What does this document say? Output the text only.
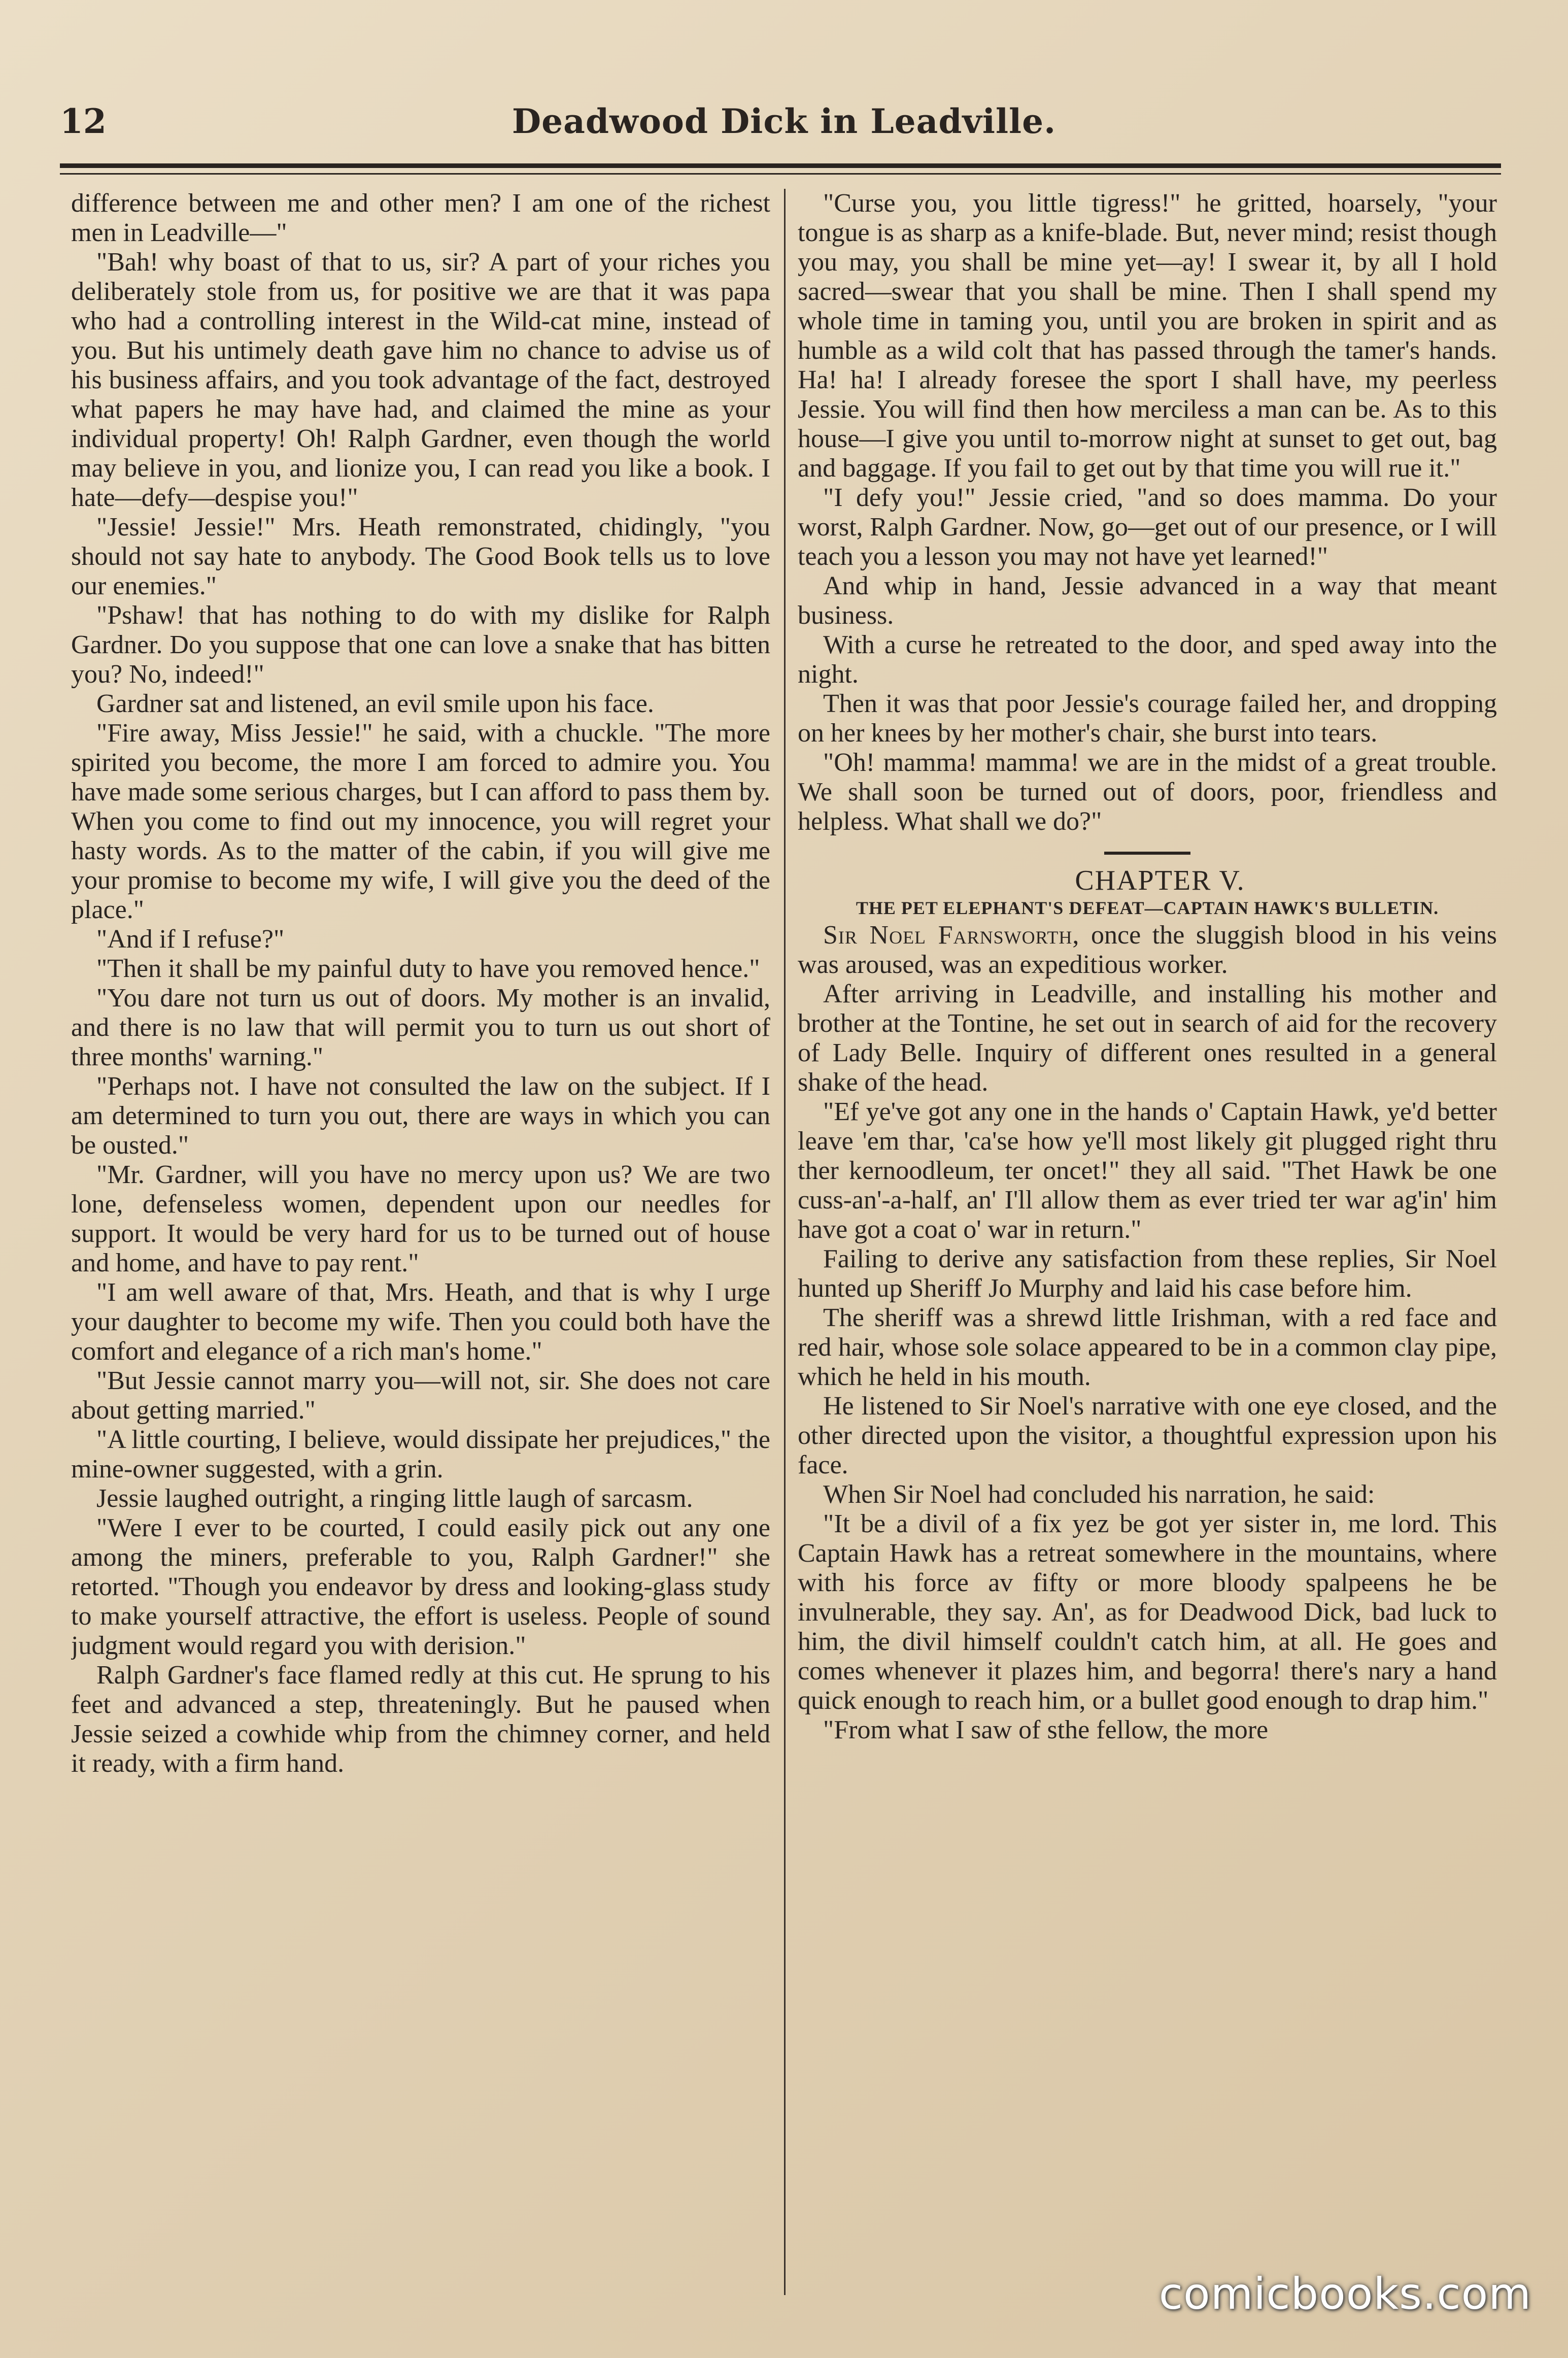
12	Deadwood Dick in Leadville.

difference between me and other men? I am one of the richest men in Leadville—"

"Bah! why boast of that to us, sir? A part of your riches you deliberately stole from us, for positive we are that it was papa who had a controlling interest in the Wild-cat mine, instead of you. But his untimely death gave him no chance to advise us of his business affairs, and you took advantage of the fact, destroyed what papers he may have had, and claimed the mine as your individual property! Oh! Ralph Gardner, even though the world may believe in you, and lionize you, I can read you like a book. I hate—defy—despise you!"

"Jessie! Jessie!" Mrs. Heath remonstrated, chidingly, "you should not say hate to anybody. The Good Book tells us to love our enemies."

"Pshaw! that has nothing to do with my dislike for Ralph Gardner. Do you suppose that one can love a snake that has bitten you? No, indeed!"

Gardner sat and listened, an evil smile upon his face.

"Fire away, Miss Jessie!" he said, with a chuckle. "The more spirited you become, the more I am forced to admire you. You have made some serious charges, but I can afford to pass them by. When you come to find out my innocence, you will regret your hasty words. As to the matter of the cabin, if you will give me your promise to become my wife, I will give you the deed of the place."

"And if I refuse?"

"Then it shall be my painful duty to have you removed hence."

"You dare not turn us out of doors. My mother is an invalid, and there is no law that will permit you to turn us out short of three months' warning."

"Perhaps not. I have not consulted the law on the subject. If I am determined to turn you out, there are ways in which you can be ousted."

"Mr. Gardner, will you have no mercy upon us? We are two lone, defenseless women, dependent upon our needles for support. It would be very hard for us to be turned out of house and home, and have to pay rent."

"I am well aware of that, Mrs. Heath, and that is why I urge your daughter to become my wife. Then you could both have the comfort and elegance of a rich man's home."

"But Jessie cannot marry you—will not, sir. She does not care about getting married."

"A little courting, I believe, would dissipate her prejudices," the mine-owner suggested, with a grin.

Jessie laughed outright, a ringing little laugh of sarcasm.

"Were I ever to be courted, I could easily pick out any one among the miners, preferable to you, Ralph Gardner!" she retorted. "Though you endeavor by dress and looking-glass study to make yourself attractive, the effort is useless. People of sound judgment would regard you with derision."

Ralph Gardner's face flamed redly at this cut. He sprung to his feet and advanced a step, threateningly. But he paused when Jessie seized a cowhide whip from the chimney corner, and held it ready, with a firm hand.

"Curse you, you little tigress!" he gritted, hoarsely, "your tongue is as sharp as a knife-blade. But, never mind; resist though you may, you shall be mine yet—ay! I swear it, by all I hold sacred—swear that you shall be mine. Then I shall spend my whole time in taming you, until you are broken in spirit and as humble as a wild colt that has passed through the tamer's hands. Ha! ha! I already foresee the sport I shall have, my peerless Jessie. You will find then how merciless a man can be. As to this house—I give you until to-morrow night at sunset to get out, bag and baggage. If you fail to get out by that time you will rue it."

"I defy you!" Jessie cried, "and so does mamma. Do your worst, Ralph Gardner. Now, go—get out of our presence, or I will teach you a lesson you may not have yet learned!"

And whip in hand, Jessie advanced in a way that meant business.

With a curse he retreated to the door, and sped away into the night.

Then it was that poor Jessie's courage failed her, and dropping on her knees by her mother's chair, she burst into tears.

"Oh! mamma! mamma! we are in the midst of a great trouble. We shall soon be turned out of doors, poor, friendless and helpless. What shall we do?"

CHAPTER V.

THE PET ELEPHANT'S DEFEAT—CAPTAIN HAWK'S BULLETIN.

Sir Noel Farnsworth, once the sluggish blood in his veins was aroused, was an expeditious worker.

After arriving in Leadville, and installing his mother and brother at the Tontine, he set out in search of aid for the recovery of Lady Belle. Inquiry of different ones resulted in a general shake of the head.

"Ef ye've got any one in the hands o' Captain Hawk, ye'd better leave 'em thar, 'ca'se how ye'll most likely git plugged right thru ther kernoodleum, ter oncet!" they all said. "Thet Hawk be one cuss-an'-a-half, an' I'll allow them as ever tried ter war ag'in' him have got a coat o' war in return."

Failing to derive any satisfaction from these replies, Sir Noel hunted up Sheriff Jo Murphy and laid his case before him.

The sheriff was a shrewd little Irishman, with a red face and red hair, whose sole solace appeared to be in a common clay pipe, which he held in his mouth.

He listened to Sir Noel's narrative with one eye closed, and the other directed upon the visitor, a thoughtful expression upon his face.

When Sir Noel had concluded his narration, he said:

"It be a divil of a fix yez be got yer sister in, me lord. This Captain Hawk has a retreat somewhere in the mountains, where with his force av fifty or more bloody spalpeens he be invulnerable, they say. An', as for Deadwood Dick, bad luck to him, the divil himself couldn't catch him, at all. He goes and comes whenever it plazes him, and begorra! there's nary a hand quick enough to reach him, or a bullet good enough to drap him."

"From what I saw of sthe fellow, the more

comicbooks.com
